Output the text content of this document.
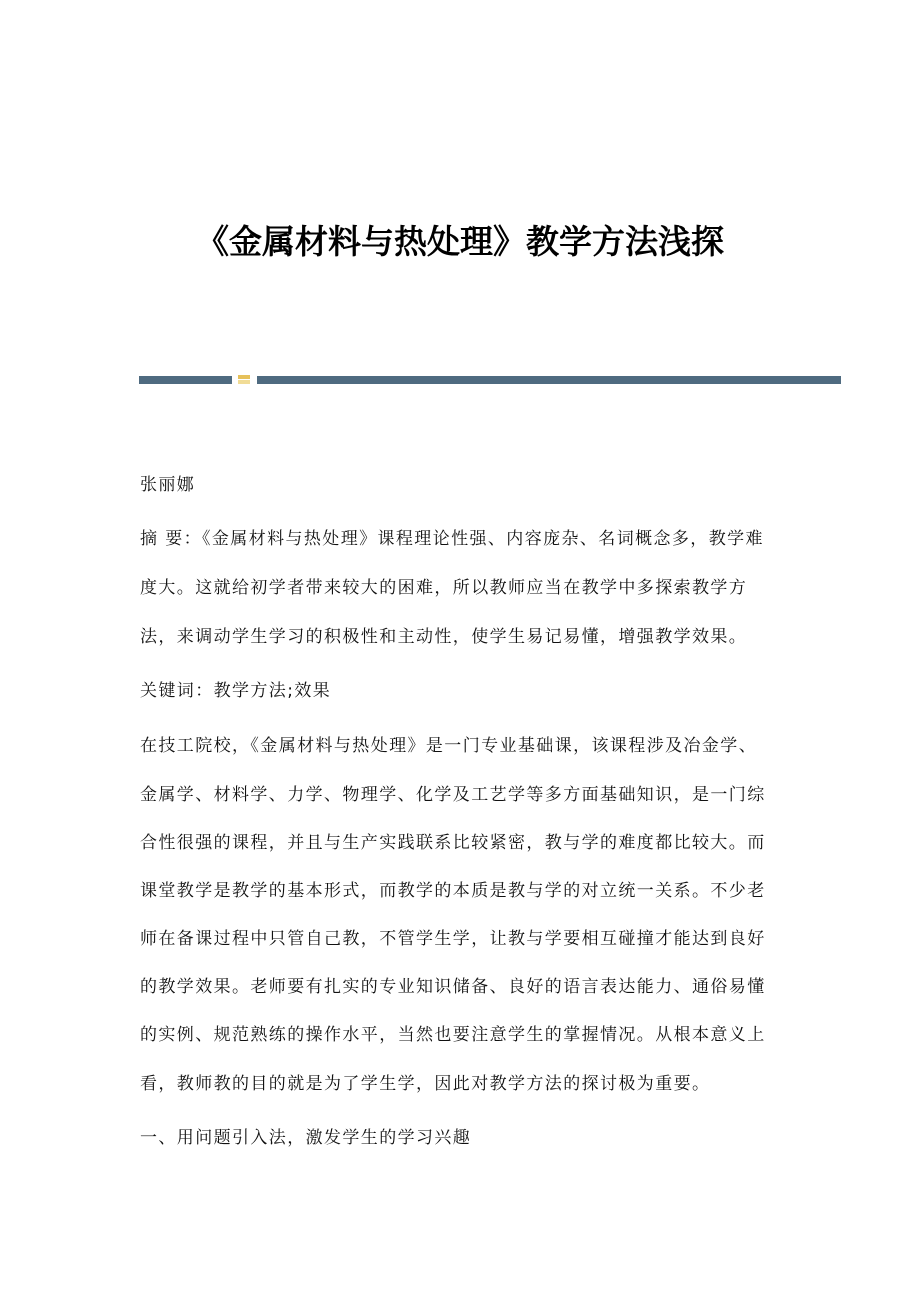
《金属材料与热处理》教学方法浅探
张丽娜
摘 要：《金属材料与热处理》课程理论性强、内容庞杂、名词概念多，教学难
度大。这就给初学者带来较大的困难，所以教师应当在教学中多探索教学方
法，来调动学生学习的积极性和主动性，使学生易记易懂，增强教学效果。
关键词：教学方法;效果
在技工院校，《金属材料与热处理》是一门专业基础课，该课程涉及冶金学、
金属学、材料学、力学、物理学、化学及工艺学等多方面基础知识，是一门综
合性很强的课程，并且与生产实践联系比较紧密，教与学的难度都比较大。而
课堂教学是教学的基本形式，而教学的本质是教与学的对立统一关系。不少老
师在备课过程中只管自己教，不管学生学，让教与学要相互碰撞才能达到良好
的教学效果。老师要有扎实的专业知识储备、良好的语言表达能力、通俗易懂
的实例、规范熟练的操作水平，当然也要注意学生的掌握情况。从根本意义上
看，教师教的目的就是为了学生学，因此对教学方法的探讨极为重要。
一、用问题引入法，激发学生的学习兴趣
